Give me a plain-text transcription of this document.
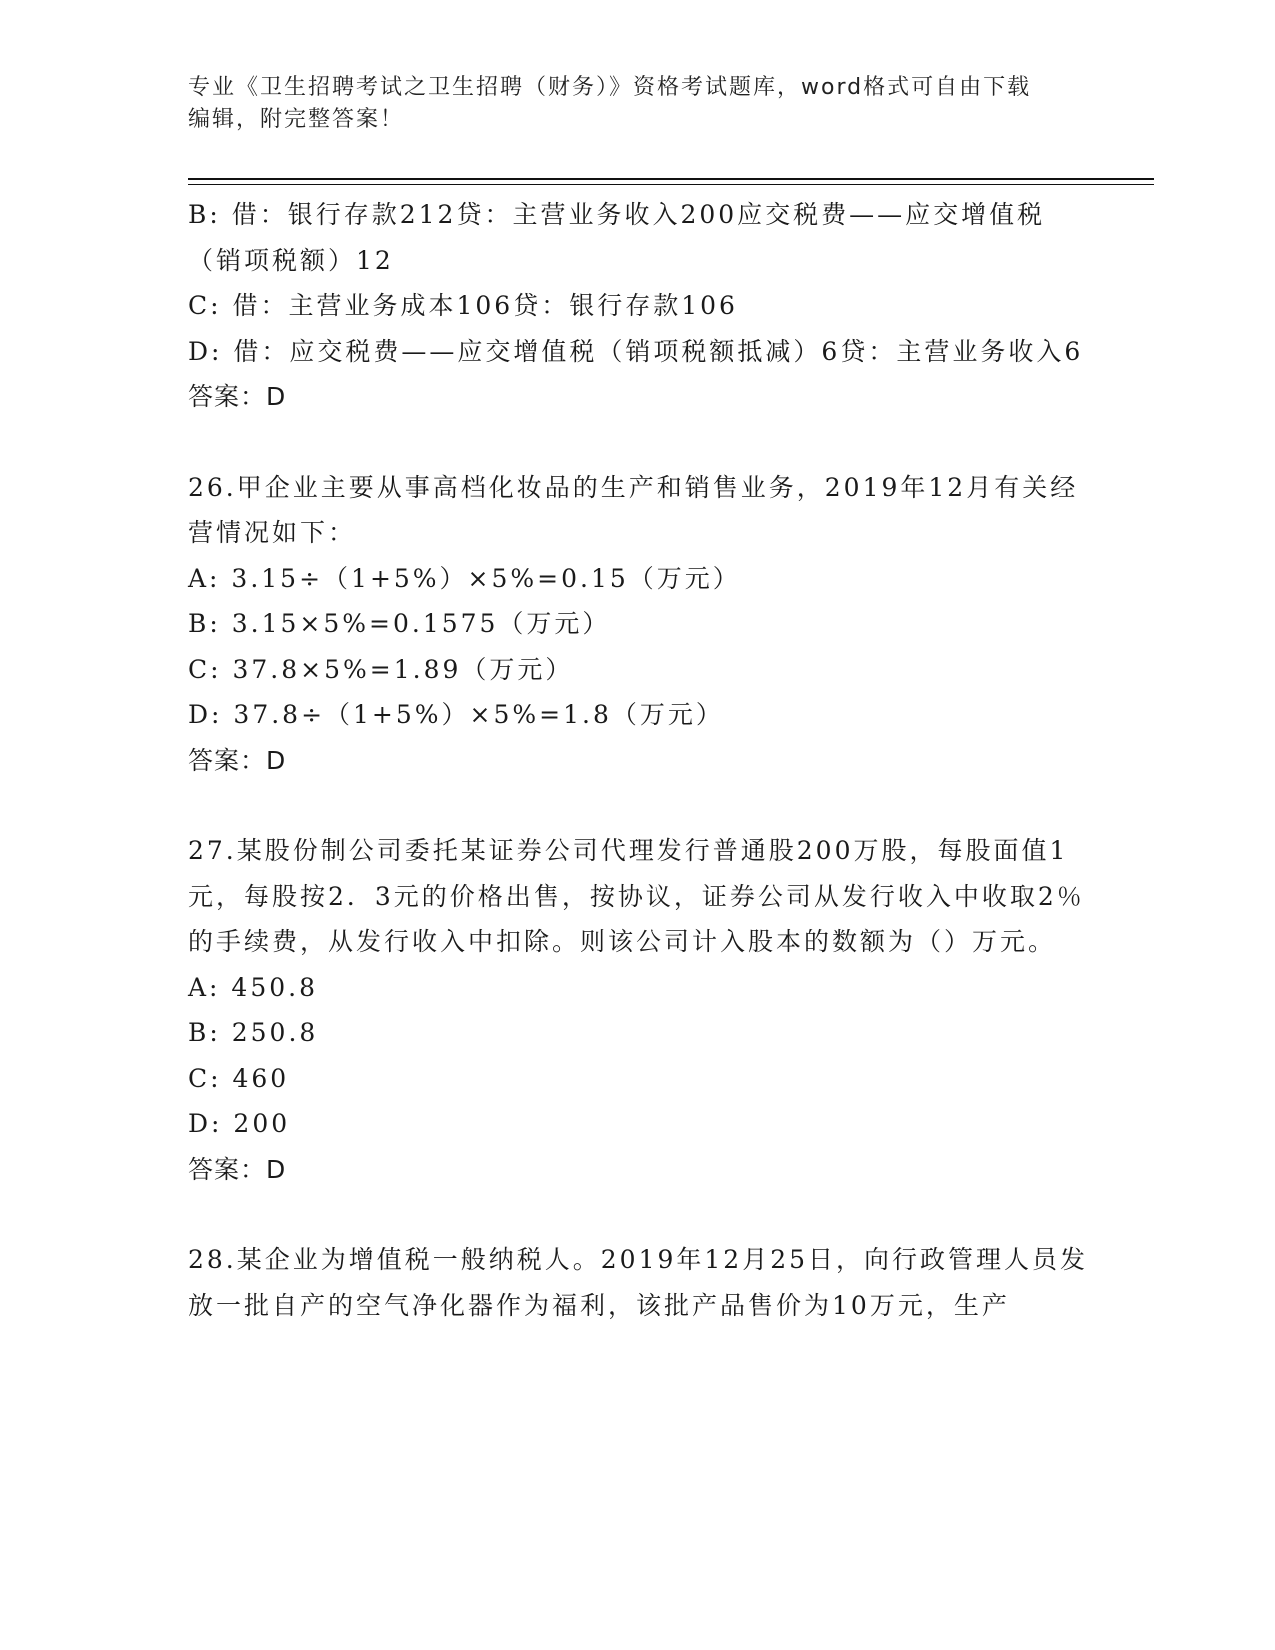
专业《卫生招聘考试之卫生招聘（财务）》资格考试题库，word格式可自由下载
编辑，附完整答案！

B: 借：银行存款212贷：主营业务收入200应交税费——应交增值税（销项税额）12

C: 借：主营业务成本106贷：银行存款106

D: 借：应交税费——应交增值税（销项税额抵减）6贷：主营业务收入6

答案：D

26.甲企业主要从事高档化妆品的生产和销售业务，2019年12月有关经营情况如下：

A: 3.15÷（1+5%）×5%=0.15（万元）

B: 3.15×5%=0.1575（万元）

C: 37.8×5%=1.89（万元）

D: 37.8÷（1+5%）×5%=1.8（万元）

答案：D

27.某股份制公司委托某证券公司代理发行普通股200万股，每股面值1元，每股按2．3元的价格出售，按协议，证券公司从发行收入中收取2％的手续费，从发行收入中扣除。则该公司计入股本的数额为（）万元。

A: 450.8

B: 250.8

C: 460

D: 200

答案：D

28.某企业为增值税一般纳税人。2019年12月25日，向行政管理人员发放一批自产的空气净化器作为福利，该批产品售价为10万元，生产
